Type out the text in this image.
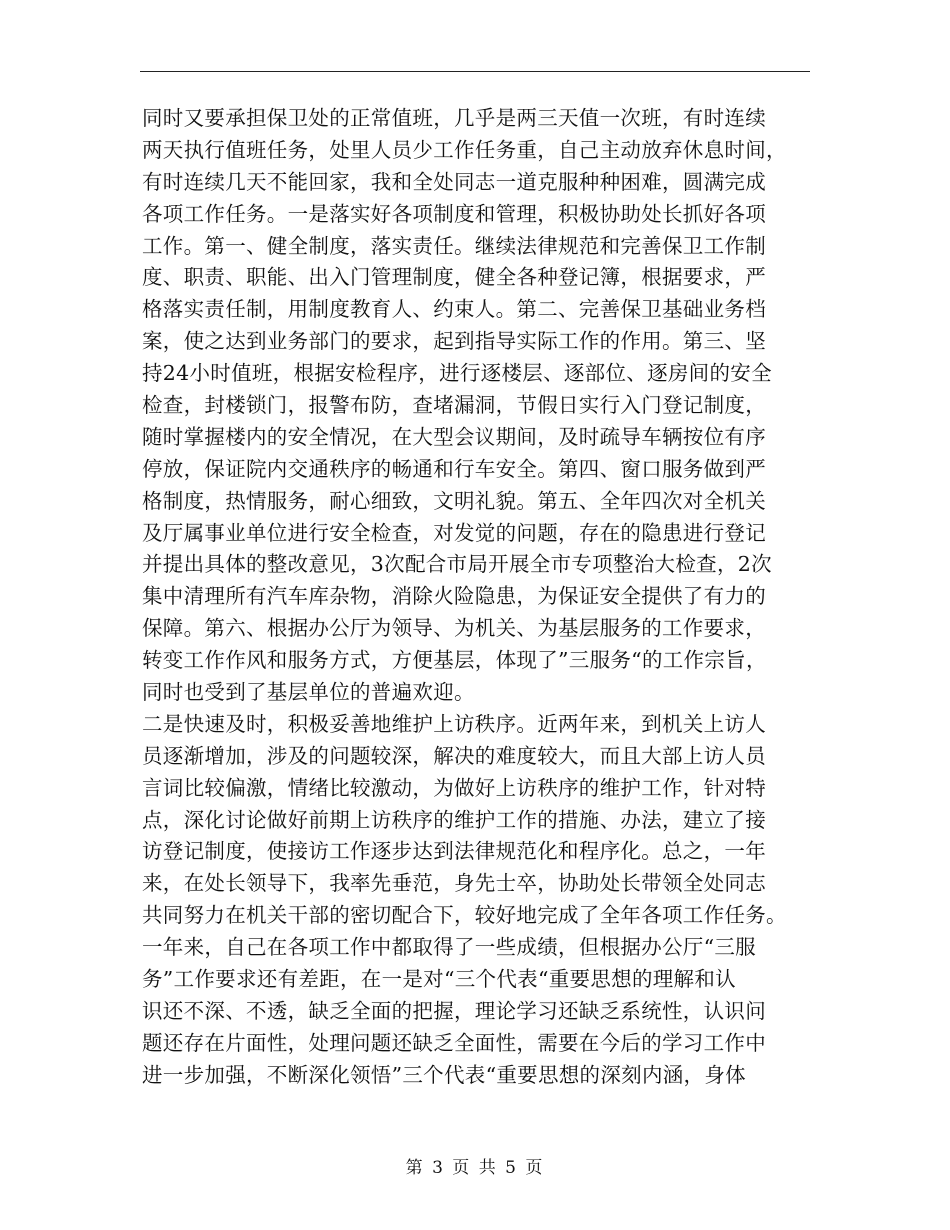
同时又要承担保卫处的正常值班，几乎是两三天值一次班，有时连续
两天执行值班任务，处里人员少工作任务重，自己主动放弃休息时间，
有时连续几天不能回家，我和全处同志一道克服种种困难，圆满完成
各项工作任务。一是落实好各项制度和管理，积极协助处长抓好各项
工作。第一、健全制度，落实责任。继续法律规范和完善保卫工作制
度、职责、职能、出入门管理制度，健全各种登记簿，根据要求，严
格落实责任制，用制度教育人、约束人。第二、完善保卫基础业务档
案，使之达到业务部门的要求，起到指导实际工作的作用。第三、坚
持24小时值班，根据安检程序，进行逐楼层、逐部位、逐房间的安全
检查，封楼锁门，报警布防，查堵漏洞，节假日实行入门登记制度，
随时掌握楼内的安全情况，在大型会议期间，及时疏导车辆按位有序
停放，保证院内交通秩序的畅通和行车安全。第四、窗口服务做到严
格制度，热情服务，耐心细致，文明礼貌。第五、全年四次对全机关
及厅属事业单位进行安全检查，对发觉的问题，存在的隐患进行登记
并提出具体的整改意见，3次配合市局开展全市专项整治大检查，2次
集中清理所有汽车库杂物，消除火险隐患，为保证安全提供了有力的
保障。第六、根据办公厅为领导、为机关、为基层服务的工作要求，
转变工作作风和服务方式，方便基层，体现了”三服务“的工作宗旨，
同时也受到了基层单位的普遍欢迎。
二是快速及时，积极妥善地维护上访秩序。近两年来，到机关上访人
员逐渐增加，涉及的问题较深，解决的难度较大，而且大部上访人员
言词比较偏激，情绪比较激动，为做好上访秩序的维护工作，针对特
点，深化讨论做好前期上访秩序的维护工作的措施、办法，建立了接
访登记制度，使接访工作逐步达到法律规范化和程序化。总之，一年
来，在处长领导下，我率先垂范，身先士卒，协助处长带领全处同志
共同努力在机关干部的密切配合下，较好地完成了全年各项工作任务。
一年来，自己在各项工作中都取得了一些成绩，但根据办公厅“三服
务”工作要求还有差距，在一是对“三个代表“重要思想的理解和认
识还不深、不透，缺乏全面的把握，理论学习还缺乏系统性，认识问
题还存在片面性，处理问题还缺乏全面性，需要在今后的学习工作中
进一步加强，不断深化领悟”三个代表“重要思想的深刻内涵，身体
第 3 页 共 5 页
